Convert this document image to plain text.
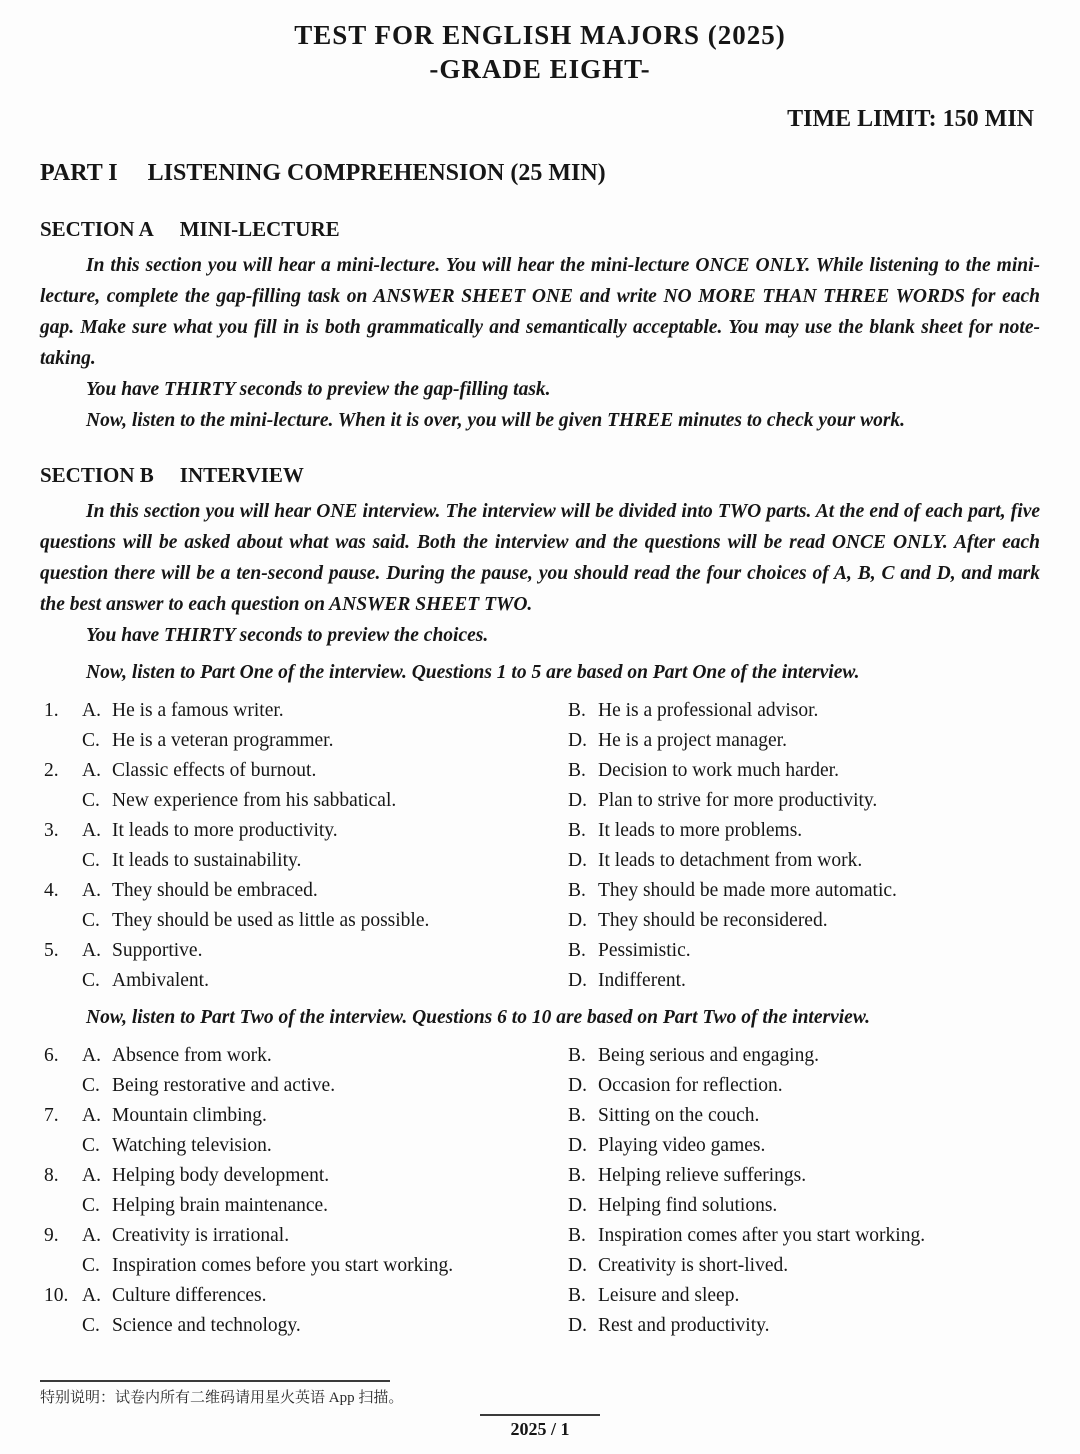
TEST FOR ENGLISH MAJORS (2025)
-GRADE EIGHT-
TIME LIMIT: 150 MIN
PART I LISTENING COMPREHENSION (25 MIN)
SECTION A MINI-LECTURE

In this section you will hear a mini-lecture. You will hear the mini-lecture ONCE ONLY. While listening to the mini-lecture, complete the gap-filling task on ANSWER SHEET ONE and write NO MORE THAN THREE WORDS for each gap. Make sure what you fill in is both grammatically and semantically acceptable. You may use the blank sheet for note-taking.

You have THIRTY seconds to preview the gap-filling task.

Now, listen to the mini-lecture. When it is over, you will be given THREE minutes to check your work.

SECTION B INTERVIEW

In this section you will hear ONE interview. The interview will be divided into TWO parts. At the end of each part, five questions will be asked about what was said. Both the interview and the questions will be read ONCE ONLY. After each question there will be a ten-second pause. During the pause, you should read the four choices of A, B, C and D, and mark the best answer to each question on ANSWER SHEET TWO.

You have THIRTY seconds to preview the choices.

Now, listen to Part One of the interview. Questions 1 to 5 are based on Part One of the interview.

1.	A. He is a famous writer.	B. He is a professional advisor.
C. He is a veteran programmer.	D. He is a project manager.
2.	A. Classic effects of burnout.	B. Decision to work much harder.
C. New experience from his sabbatical.	D. Plan to strive for more productivity.
3.	A. It leads to more productivity.	B. It leads to more problems.
C. It leads to sustainability.	D. It leads to detachment from work.
4.	A. They should be embraced.	B. They should be made more automatic.
C. They should be used as little as possible.	D. They should be reconsidered.
5.	A. Supportive.	B. Pessimistic.
C. Ambivalent.	D. Indifferent.

Now, listen to Part Two of the interview. Questions 6 to 10 are based on Part Two of the interview.

6.	A. Absence from work.	B. Being serious and engaging.
C. Being restorative and active.	D. Occasion for reflection.
7.	A. Mountain climbing.	B. Sitting on the couch.
C. Watching television.	D. Playing video games.
8.	A. Helping body development.	B. Helping relieve sufferings.
C. Helping brain maintenance.	D. Helping find solutions.
9.	A. Creativity is irrational.	B. Inspiration comes after you start working.
C. Inspiration comes before you start working.	D. Creativity is short-lived.
10. A. Culture differences.	B. Leisure and sleep.
C. Science and technology.	D. Rest and productivity.
特别说明：试卷内所有二维码请用星火英语 App 扫描。
2025 / 1
